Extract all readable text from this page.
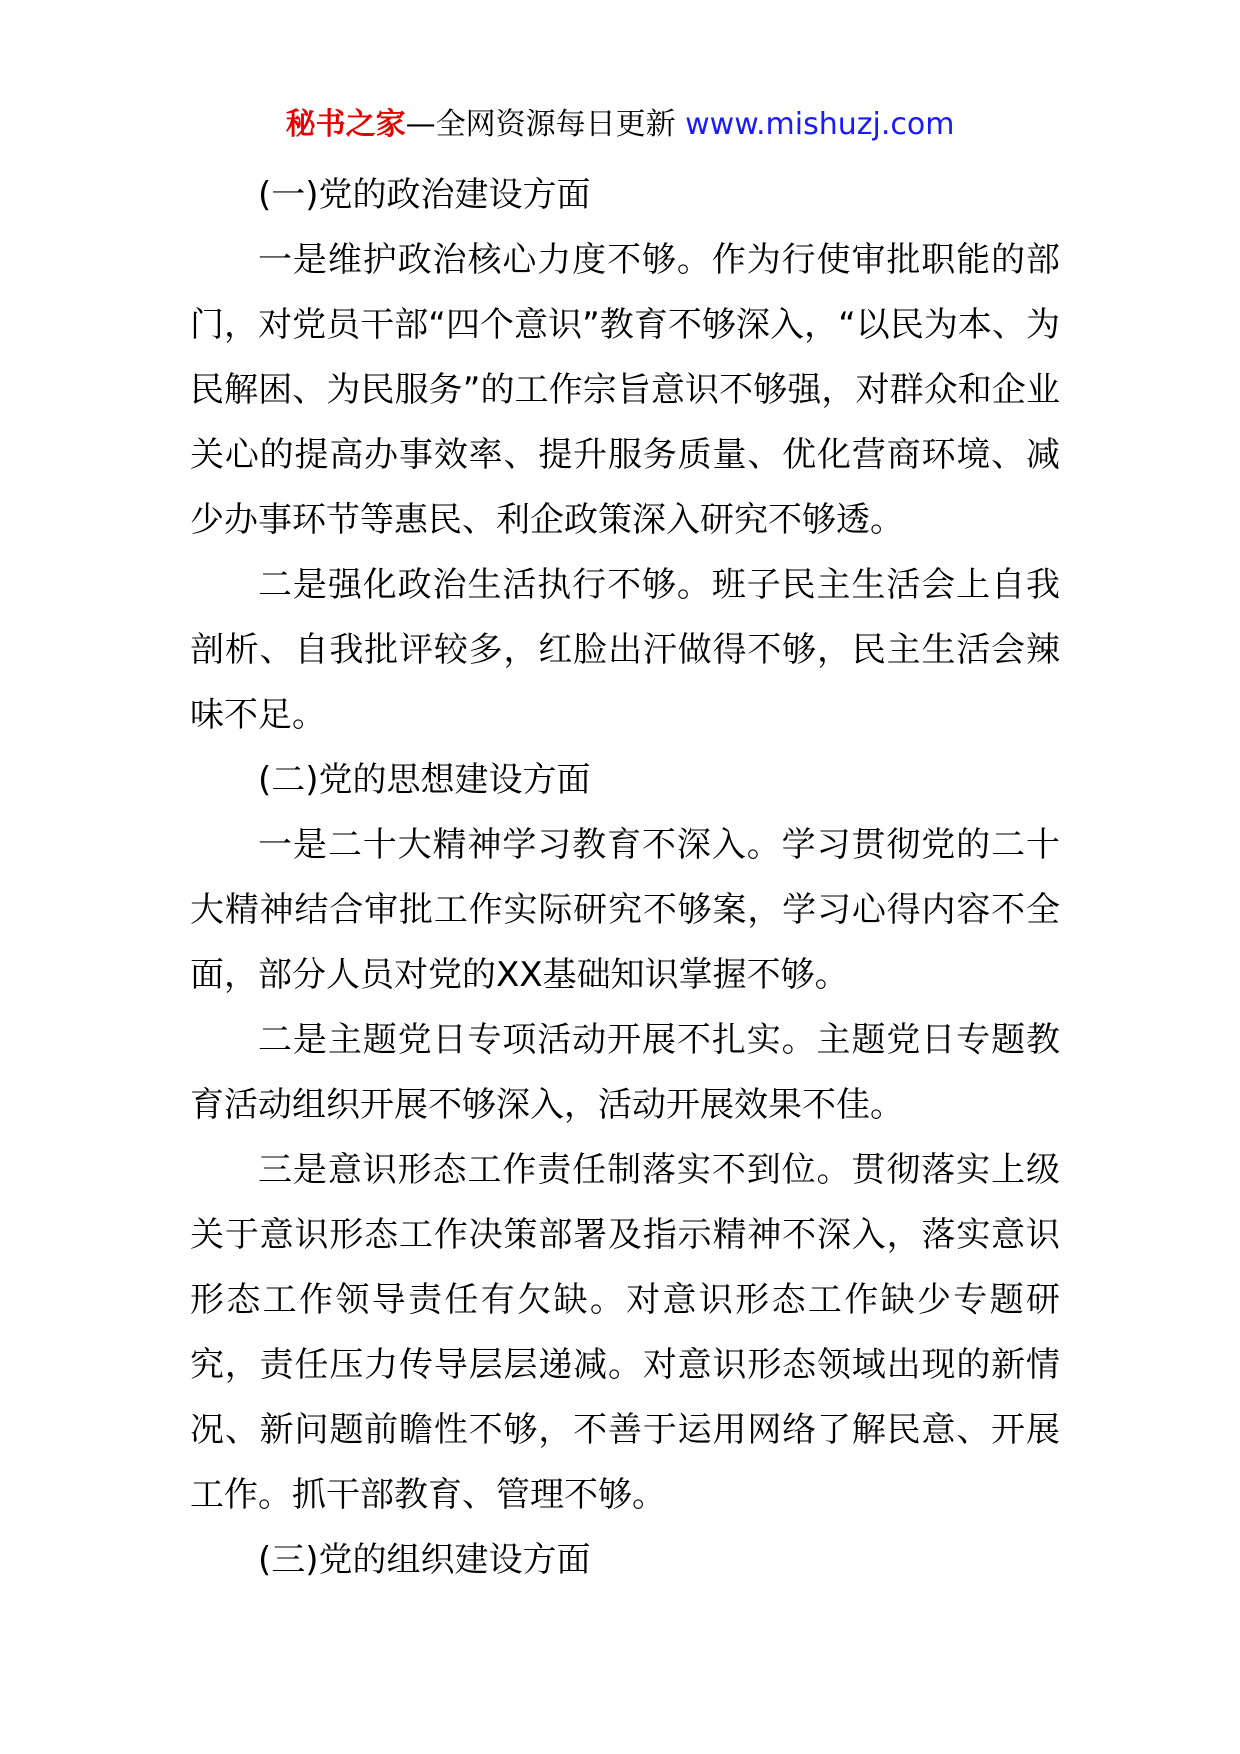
秘书之家—全网资源每日更新 www.mishuzj.com

(一)党的政治建设方面

一是维护政治核心力度不够。作为行使审批职能的部门，对党员干部“四个意识”教育不够深入，“以民为本、为民解困、为民服务”的工作宗旨意识不够强，对群众和企业关心的提高办事效率、提升服务质量、优化营商环境、减少办事环节等惠民、利企政策深入研究不够透。

二是强化政治生活执行不够。班子民主生活会上自我剖析、自我批评较多，红脸出汗做得不够，民主生活会辣味不足。

(二)党的思想建设方面

一是二十大精神学习教育不深入。学习贯彻党的二十大精神结合审批工作实际研究不够案，学习心得内容不全面，部分人员对党的XX基础知识掌握不够。

二是主题党日专项活动开展不扎实。主题党日专题教育活动组织开展不够深入，活动开展效果不佳。

三是意识形态工作责任制落实不到位。贯彻落实上级关于意识形态工作决策部署及指示精神不深入，落实意识形态工作领导责任有欠缺。对意识形态工作缺少专题研究，责任压力传导层层递减。对意识形态领域出现的新情况、新问题前瞻性不够，不善于运用网络了解民意、开展工作。抓干部教育、管理不够。

(三)党的组织建设方面
